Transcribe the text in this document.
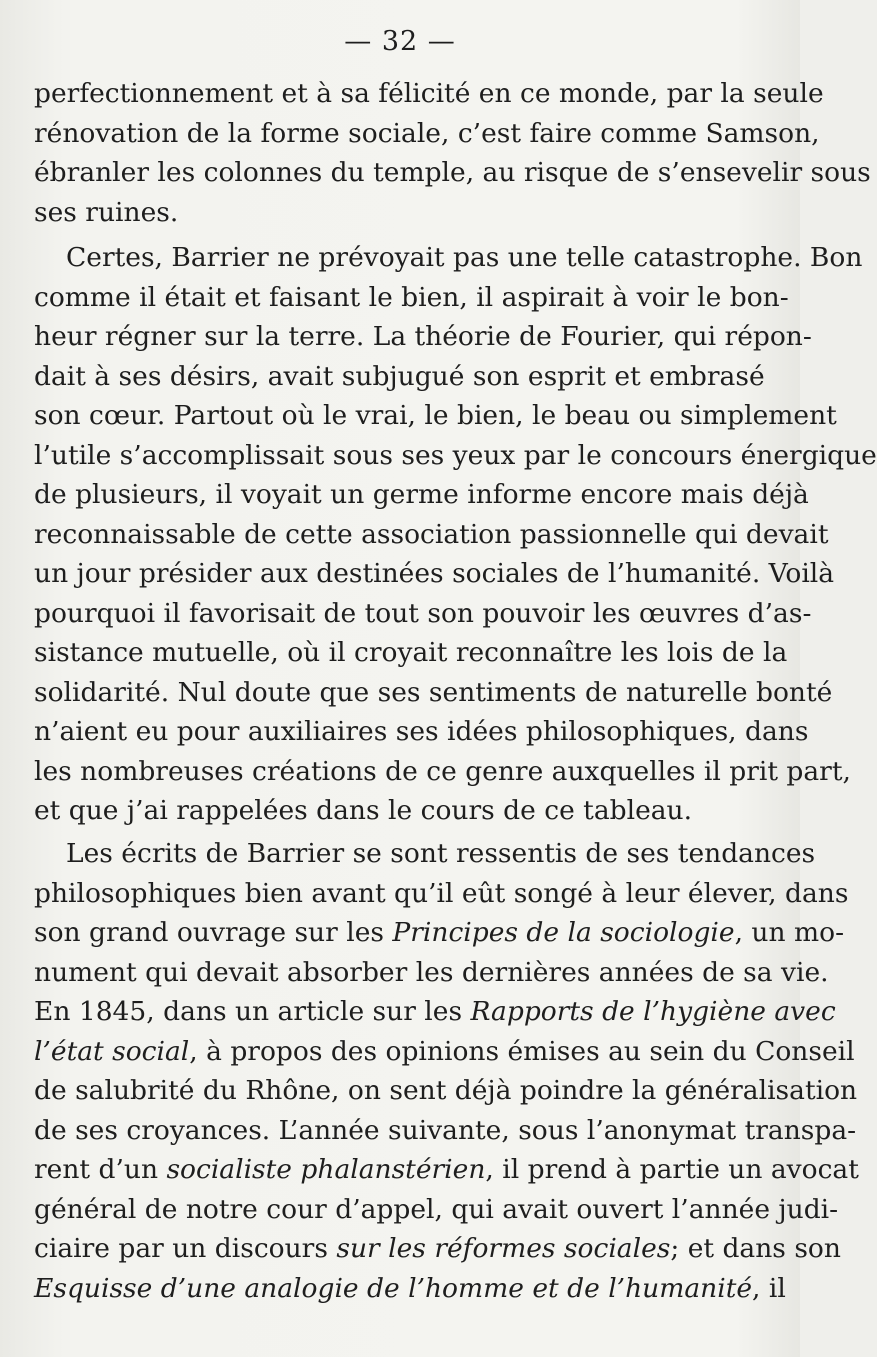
— 32 —
perfectionnement et à sa félicité en ce monde, par la seule
rénovation de la forme sociale, c’est faire comme Samson,
ébranler les colonnes du temple, au risque de s’ensevelir sous
ses ruines.
Certes, Barrier ne prévoyait pas une telle catastrophe. Bon
comme il était et faisant le bien, il aspirait à voir le bon-
heur régner sur la terre. La théorie de Fourier, qui répon-
dait à ses désirs, avait subjugué son esprit et embrasé
son cœur. Partout où le vrai, le bien, le beau ou simplement
l’utile s’accomplissait sous ses yeux par le concours énergique
de plusieurs, il voyait un germe informe encore mais déjà
reconnaissable de cette association passionnelle qui devait
un jour présider aux destinées sociales de l’humanité. Voilà
pourquoi il favorisait de tout son pouvoir les œuvres d’as-
sistance mutuelle, où il croyait reconnaître les lois de la
solidarité. Nul doute que ses sentiments de naturelle bonté
n’aient eu pour auxiliaires ses idées philosophiques, dans
les nombreuses créations de ce genre auxquelles il prit part,
et que j’ai rappelées dans le cours de ce tableau.
Les écrits de Barrier se sont ressentis de ses tendances
philosophiques bien avant qu’il eût songé à leur élever, dans
son grand ouvrage sur les Principes de la sociologie, un mo-
nument qui devait absorber les dernières années de sa vie.
En 1845, dans un article sur les Rapports de l’hygiène avec
l’état social, à propos des opinions émises au sein du Conseil
de salubrité du Rhône, on sent déjà poindre la généralisation
de ses croyances. L’année suivante, sous l’anonymat transpa-
rent d’un socialiste phalanstérien, il prend à partie un avocat
général de notre cour d’appel, qui avait ouvert l’année judi-
ciaire par un discours sur les réformes sociales; et dans son
Esquisse d’une analogie de l’homme et de l’humanité, il
